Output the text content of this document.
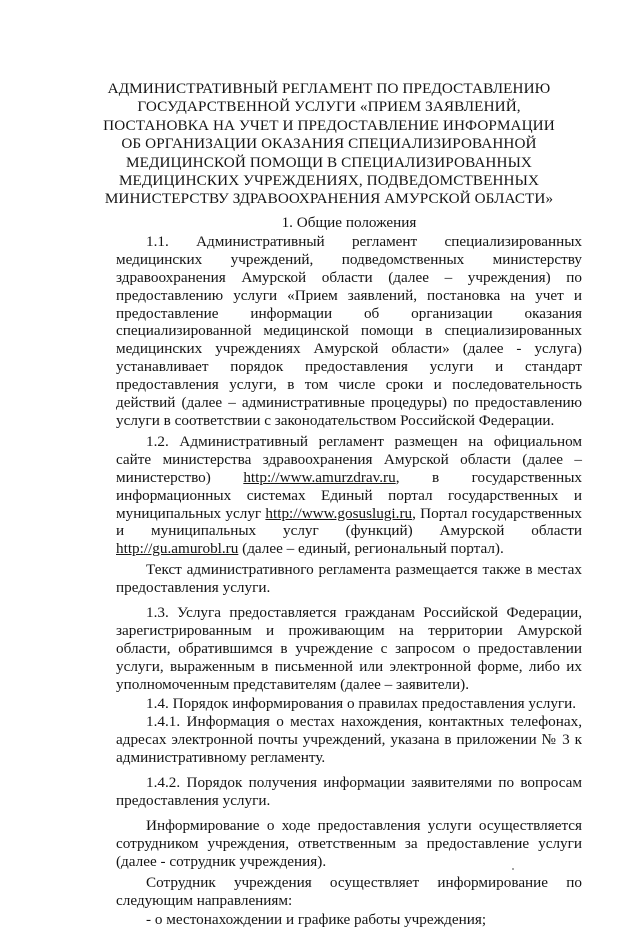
АДМИНИСТРАТИВНЫЙ РЕГЛАМЕНТ ПО ПРЕДОСТАВЛЕНИЮ ГОСУДАРСТВЕННОЙ УСЛУГИ «ПРИЕМ ЗАЯВЛЕНИЙ, ПОСТАНОВКА НА УЧЕТ И ПРЕДОСТАВЛЕНИЕ ИНФОРМАЦИИ ОБ ОРГАНИЗАЦИИ ОКАЗАНИЯ СПЕЦИАЛИЗИРОВАННОЙ МЕДИЦИНСКОЙ ПОМОЩИ В СПЕЦИАЛИЗИРОВАННЫХ МЕДИЦИНСКИХ УЧРЕЖДЕНИЯХ, ПОДВЕДОМСТВЕННЫХ МИНИСТЕРСТВУ ЗДРАВООХРАНЕНИЯ АМУРСКОЙ ОБЛАСТИ»
1. Общие положения
1.1. Административный регламент специализированных медицинских учреждений, подведомственных министерству здравоохранения Амурской области (далее – учреждения) по предоставлению услуги «Прием заявлений, постановка на учет и предоставление информации об организации оказания специализированной медицинской помощи в специализированных медицинских учреждениях Амурской области» (далее - услуга) устанавливает порядок предоставления услуги и стандарт предоставления услуги, в том числе сроки и последовательность действий (далее – административные процедуры) по предоставлению услуги в соответствии с законодательством Российской Федерации.
1.2. Административный регламент размещен на официальном сайте министерства здравоохранения Амурской области (далее – министерство) http://www.amurzdrav.ru, в государственных информационных системах Единый портал государственных и муниципальных услуг http://www.gosuslugi.ru, Портал государственных и муниципальных услуг (функций) Амурской области http://gu.amurobl.ru (далее – единый, региональный портал).
Текст административного регламента размещается также в местах предоставления услуги.
1.3. Услуга предоставляется гражданам Российской Федерации, зарегистрированным и проживающим на территории Амурской области, обратившимся в учреждение с запросом о предоставлении услуги, выраженным в письменной или электронной форме, либо их уполномоченным представителям (далее – заявители).
1.4. Порядок информирования о правилах предоставления услуги.
1.4.1. Информация о местах нахождения, контактных телефонах, адресах электронной почты учреждений, указана в приложении № 3 к административному регламенту.
1.4.2. Порядок получения информации заявителями по вопросам предоставления услуги.
Информирование о ходе предоставления услуги осуществляется сотрудником учреждения, ответственным за предоставление услуги (далее - сотрудник учреждения).
Сотрудник учреждения осуществляет информирование по следующим направлениям:
- о местонахождении и графике работы учреждения;
